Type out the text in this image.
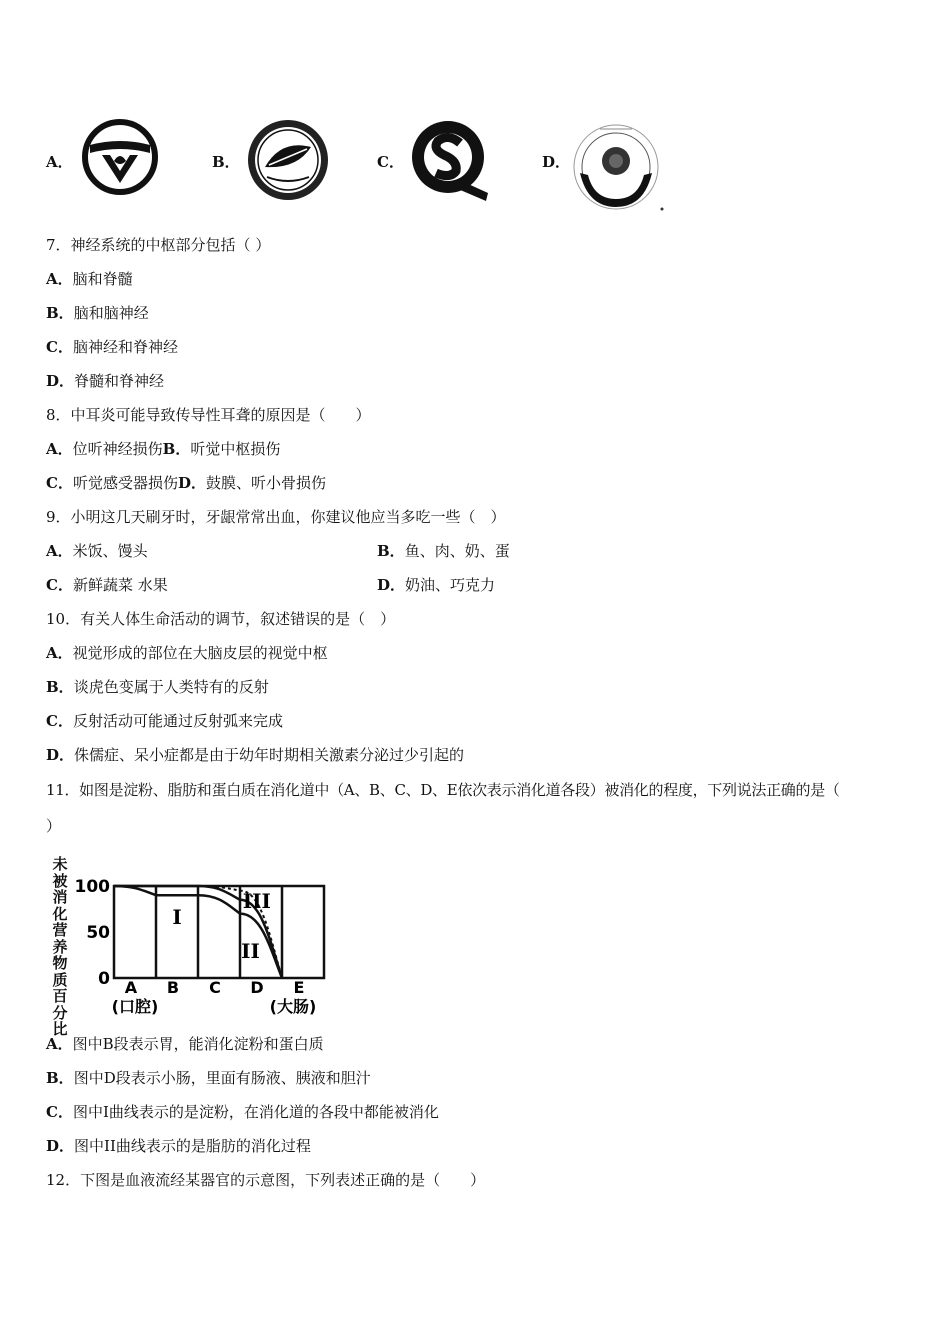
A．	B．	C．	D．
7．神经系统的中枢部分包括（ ）
A．脑和脊髓
B．脑和脑神经
C．脑神经和脊神经
D．脊髓和脊神经
8．中耳炎可能导致传导性耳聋的原因是（　　）
A．位听神经损伤B．听觉中枢损伤
C．听觉感受器损伤D．鼓膜、听小骨损伤
9．小明这几天刷牙时，牙龈常常出血，你建议他应当多吃一些（　）
A．米饭、馒头	B．鱼、肉、奶、蛋
C．新鲜蔬菜 水果	D．奶油、巧克力
10．有关人体生命活动的调节，叙述错误的是（　）
A．视觉形成的部位在大脑皮层的视觉中枢
B．谈虎色变属于人类特有的反射
C．反射活动可能通过反射弧来完成
D．侏儒症、呆小症都是由于幼年时期相关激素分泌过少引起的
11．如图是淀粉、脂肪和蛋白质在消化道中（A、B、C、D、E依次表示消化道各段）被消化的程度，下列说法正确的是（
）
未
被
消
化
营
养
物
质
百
分
比
100
50
0 A B C D E
(口腔)	(大肠)
I
II
III
A．图中B段表示胃，能消化淀粉和蛋白质
B．图中D段表示小肠，里面有肠液、胰液和胆汁
C．图中I曲线表示的是淀粉，在消化道的各段中都能被消化
D．图中II曲线表示的是脂肪的消化过程
12．下图是血液流经某器官的示意图，下列表述正确的是（　　）
